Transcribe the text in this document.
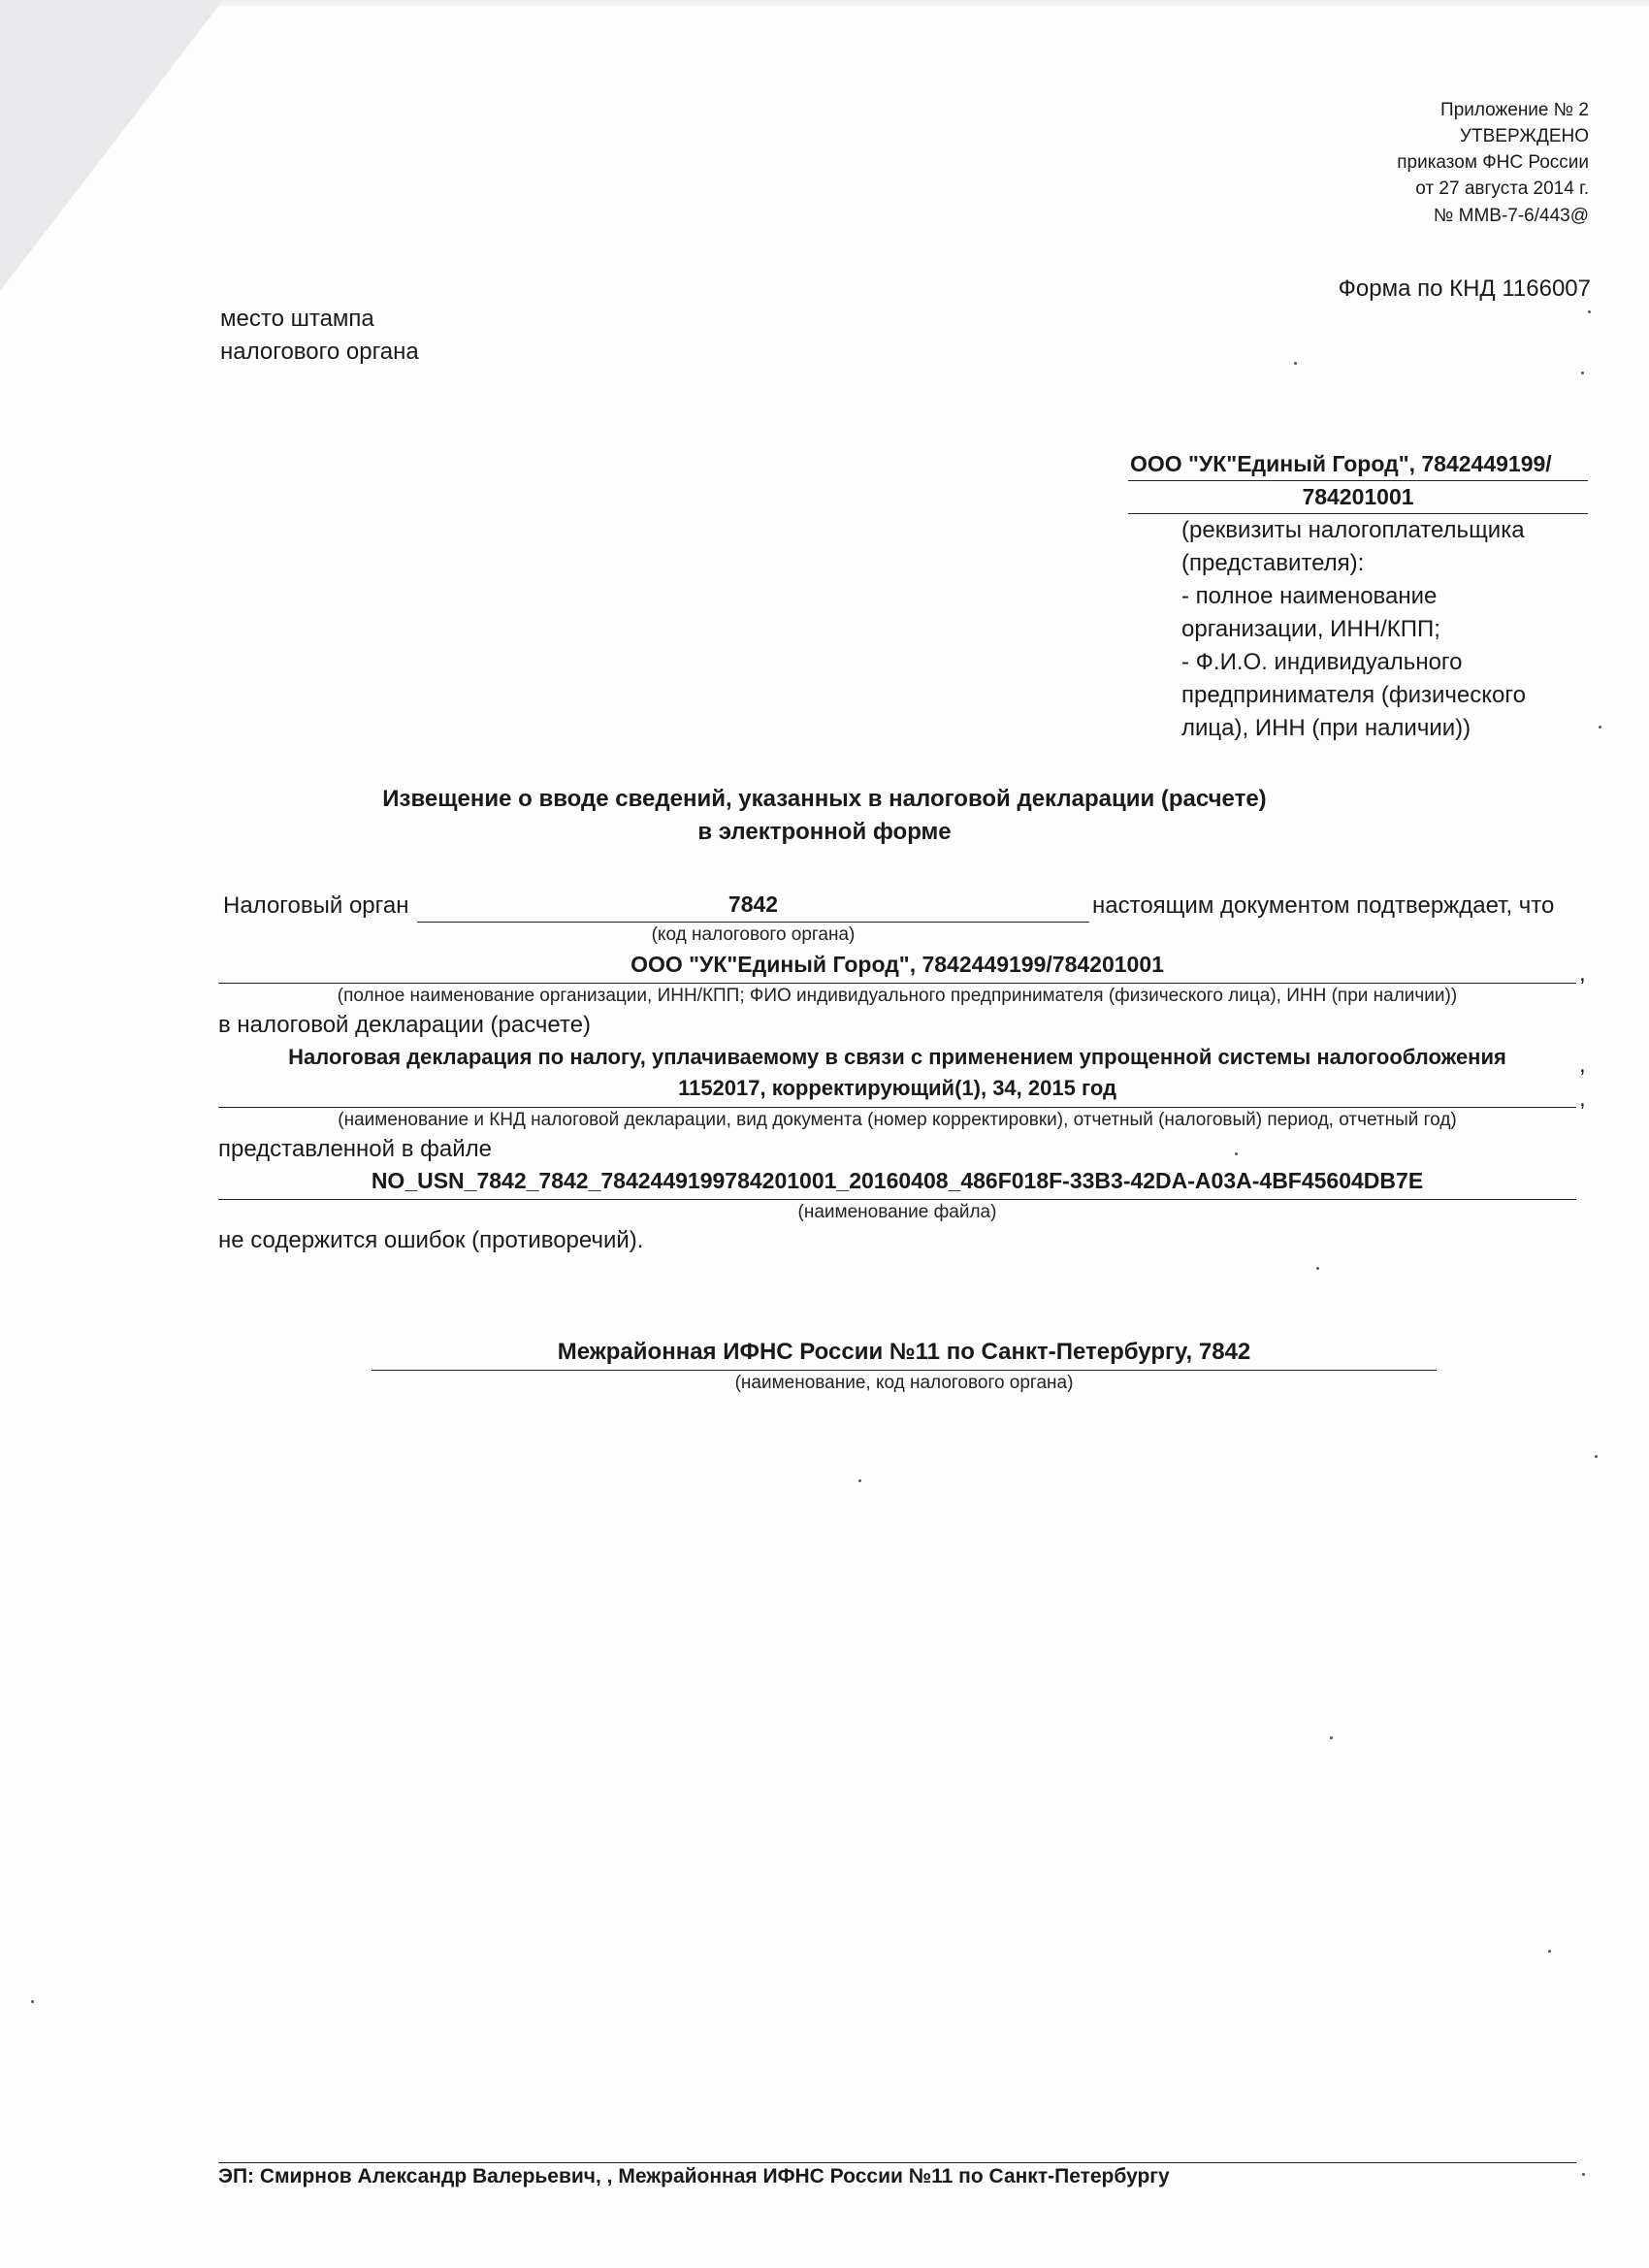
Приложение № 2
УТВЕРЖДЕНО
приказом ФНС России
от 27 августа 2014 г.
№ ММВ-7-6/443@
Форма по КНД 1166007
место штампа
налогового органа
ООО "УК"Единый Город", 7842449199/
784201001
(реквизиты налогоплательщика
(представителя):
- полное наименование
организации, ИНН/КПП;
- Ф.И.О. индивидуального
предпринимателя (физического
лица), ИНН (при наличии))
Извещение о вводе сведений, указанных в налоговой декларации (расчете)
в электронной форме
Налоговый орган	7842	настоящим документом подтверждает, что
(код налогового органа)
ООО "УК"Единый Город", 7842449199/784201001	,
(полное наименование организации, ИНН/КПП; ФИО индивидуального предпринимателя (физического лица), ИНН (при наличии))
в налоговой декларации (расчете)
Налоговая декларация по налогу, уплачиваемому в связи с применением упрощенной системы налогообложения	,
1152017, корректирующий(1), 34, 2015 год	,
(наименование и КНД налоговой декларации, вид документа (номер корректировки), отчетный (налоговый) период, отчетный год)
представленной в файле
NO_USN_7842_7842_7842449199784201001_20160408_486F018F-33B3-42DA-A03A-4BF45604DB7E
(наименование файла)
не содержится ошибок (противоречий).
Межрайонная ИФНС России №11 по Санкт-Петербургу, 7842
(наименование, код налогового органа)
ЭП: Смирнов Александр Валерьевич, , Межрайонная ИФНС России №11 по Санкт-Петербургу
